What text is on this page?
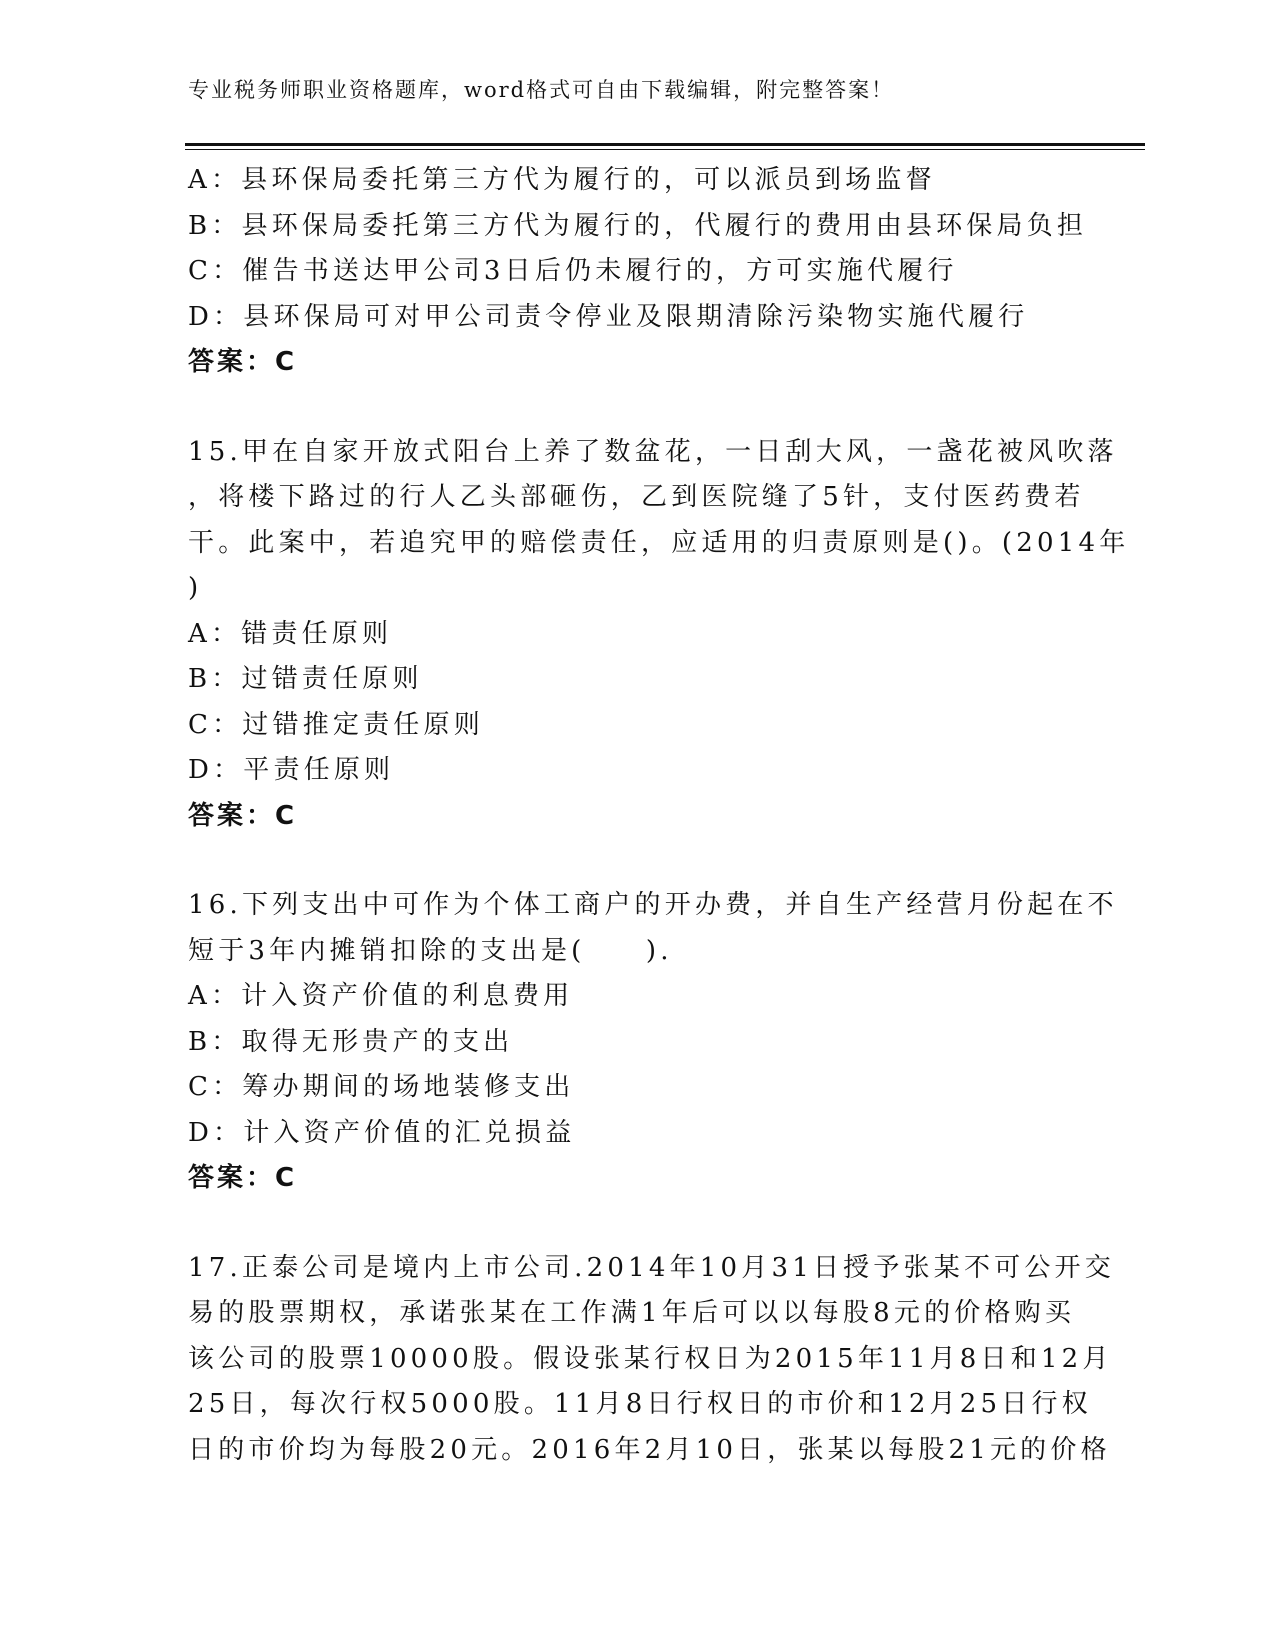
专业税务师职业资格题库，word格式可自由下载编辑，附完整答案！
A：县环保局委托第三方代为履行的，可以派员到场监督
B：县环保局委托第三方代为履行的，代履行的费用由县环保局负担
C：催告书送达甲公司3日后仍未履行的，方可实施代履行
D：县环保局可对甲公司责令停业及限期清除污染物实施代履行
答案：C
15.甲在自家开放式阳台上养了数盆花，一日刮大风，一盏花被风吹落
，将楼下路过的行人乙头部砸伤，乙到医院缝了5针，支付医药费若
干。此案中，若追究甲的赔偿责任，应适用的归责原则是()。(2014年
)
A：错责任原则
B：过错责任原则
C：过错推定责任原则
D：平责任原则
答案：C
16.下列支出中可作为个体工商户的开办费，并自生产经营月份起在不
短于3年内摊销扣除的支出是(　　).
A：计入资产价值的利息费用
B：取得无形贵产的支出
C：筹办期间的场地装修支出
D：计入资产价值的汇兑损益
答案：C
17.正泰公司是境内上市公司.2014年10月31日授予张某不可公开交
易的股票期权，承诺张某在工作满1年后可以以每股8元的价格购买
该公司的股票10000股。假设张某行权日为2015年11月8日和12月
25日，每次行权5000股。11月8日行权日的市价和12月25日行权
日的市价均为每股20元。2016年2月10日，张某以每股21元的价格
